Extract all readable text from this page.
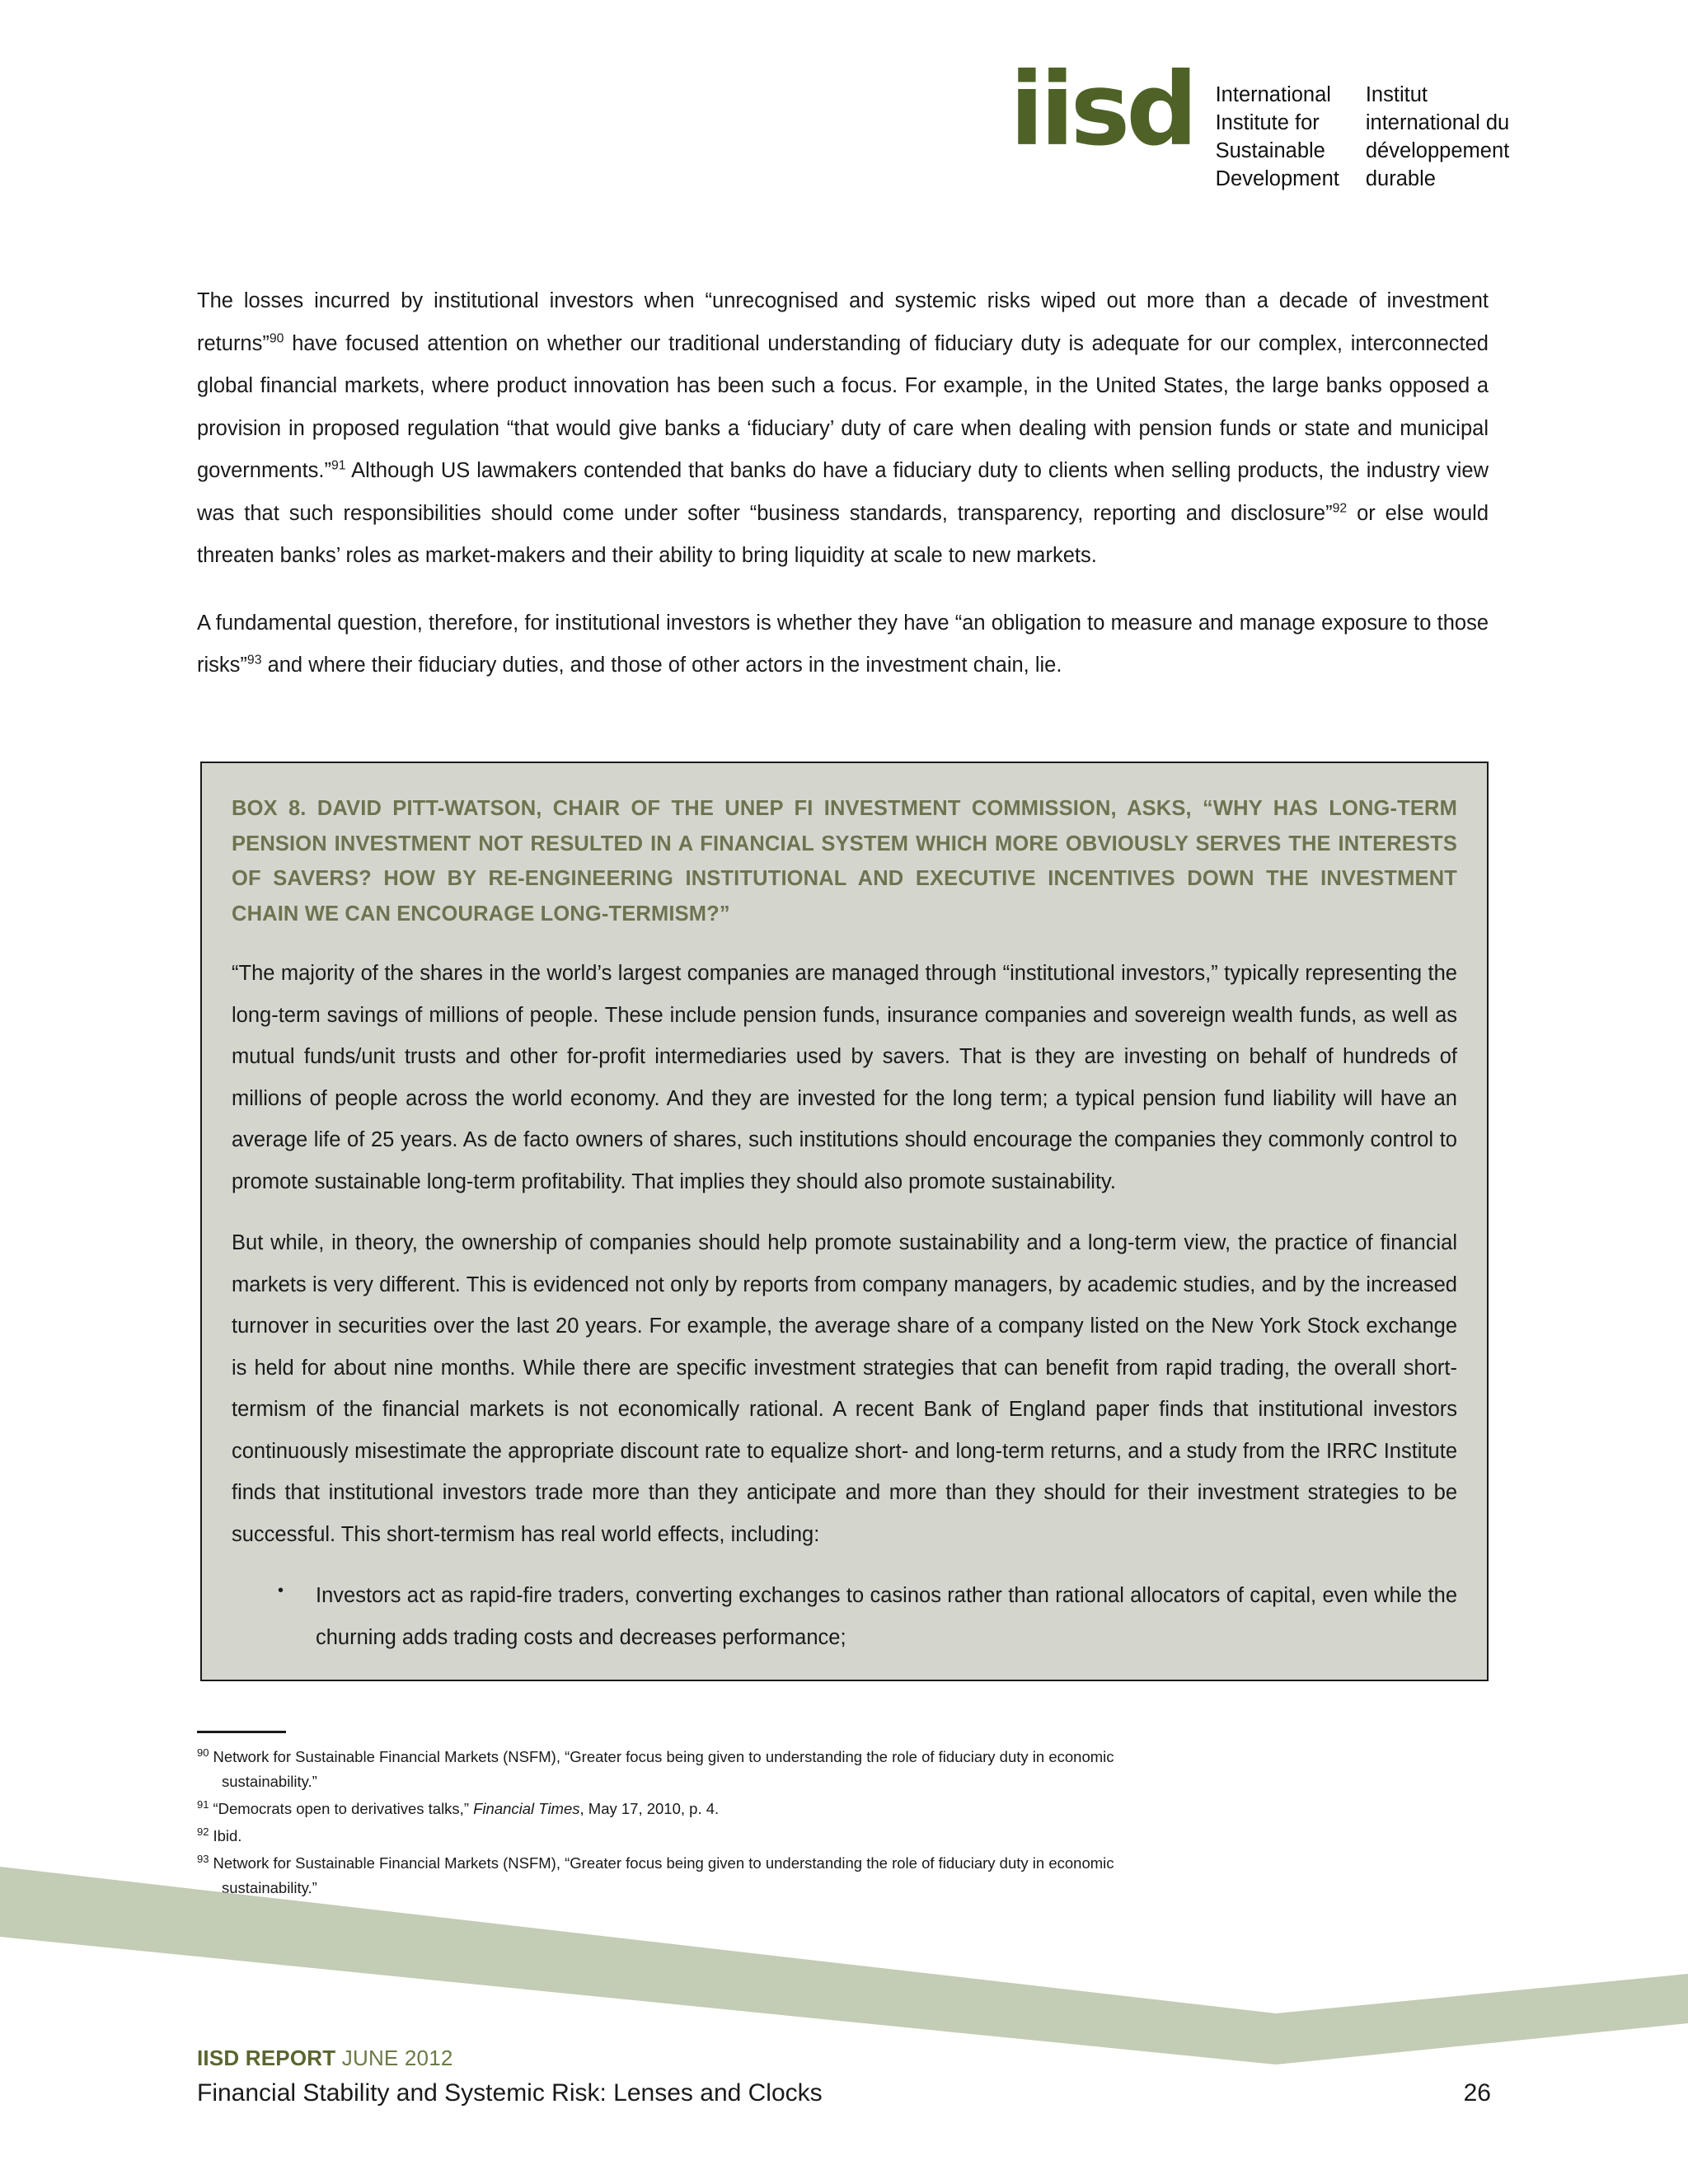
iisd International
Institute for
Sustainable
Development
Institut
international du
développement
durable

The losses incurred by institutional investors when “unrecognised and systemic risks wiped out more than a decade of investment returns”$^{90}$ have focused attention on whether our traditional understanding of fiduciary duty is adequate for our complex, interconnected global financial markets, where product innovation has been such a focus. For example, in the United States, the large banks opposed a provision in proposed regulation “that would give banks a ‘fiduciary’ duty of care when dealing with pension funds or state and municipal governments.”$^{91}$ Although US lawmakers contended that banks do have a fiduciary duty to clients when selling products, the industry view was that such responsibilities should come under softer “business standards, transparency, reporting and disclosure”$^{92}$ or else would threaten banks’ roles as market-makers and their ability to bring liquidity at scale to new markets.

A fundamental question, therefore, for institutional investors is whether they have “an obligation to measure and manage exposure to those risks”$^{93}$ and where their fiduciary duties, and those of other actors in the investment chain, lie.

BOX 8. DAVID PITT-WATSON, CHAIR OF THE UNEP FI INVESTMENT COMMISSION, ASKS, “WHY HAS LONG-TERM PENSION INVESTMENT NOT RESULTED IN A FINANCIAL SYSTEM WHICH MORE OBVIOUSLY SERVES THE INTERESTS OF SAVERS? HOW BY RE-ENGINEERING INSTITUTIONAL AND EXECUTIVE INCENTIVES DOWN THE INVESTMENT CHAIN WE CAN ENCOURAGE LONG-TERMISM?”

“The majority of the shares in the world’s largest companies are managed through “institutional investors,” typically representing the long-term savings of millions of people. These include pension funds, insurance companies and sovereign wealth funds, as well as mutual funds/unit trusts and other for-profit intermediaries used by savers. That is they are investing on behalf of hundreds of millions of people across the world economy. And they are invested for the long term; a typical pension fund liability will have an average life of 25 years. As de facto owners of shares, such institutions should encourage the companies they commonly control to promote sustainable long-term profitability. That implies they should also promote sustainability.

But while, in theory, the ownership of companies should help promote sustainability and a long-term view, the practice of financial markets is very different. This is evidenced not only by reports from company managers, by academic studies, and by the increased turnover in securities over the last 20 years. For example, the average share of a company listed on the New York Stock exchange is held for about nine months. While there are specific investment strategies that can benefit from rapid trading, the overall short-termism of the financial markets is not economically rational. A recent Bank of England paper finds that institutional investors continuously misestimate the appropriate discount rate to equalize short- and long-term returns, and a study from the IRRC Institute finds that institutional investors trade more than they anticipate and more than they should for their investment strategies to be successful. This short-termism has real world effects, including:

• Investors act as rapid-fire traders, converting exchanges to casinos rather than rational allocators of capital, even while the churning adds trading costs and decreases performance;
$^{90}$ Network for Sustainable Financial Markets (NSFM), “Greater focus being given to understanding the role of fiduciary duty in economic
sustainability.”
$^{91}$ “Democrats open to derivatives talks,” Financial Times, May 17, 2010, p. 4.
$^{92}$ Ibid.
$^{93}$ Network for Sustainable Financial Markets (NSFM), “Greater focus being given to understanding the role of fiduciary duty in economic
sustainability.”
IISD REPORT JUNE 2012
Financial Stability and Systemic Risk: Lenses and Clocks	26
